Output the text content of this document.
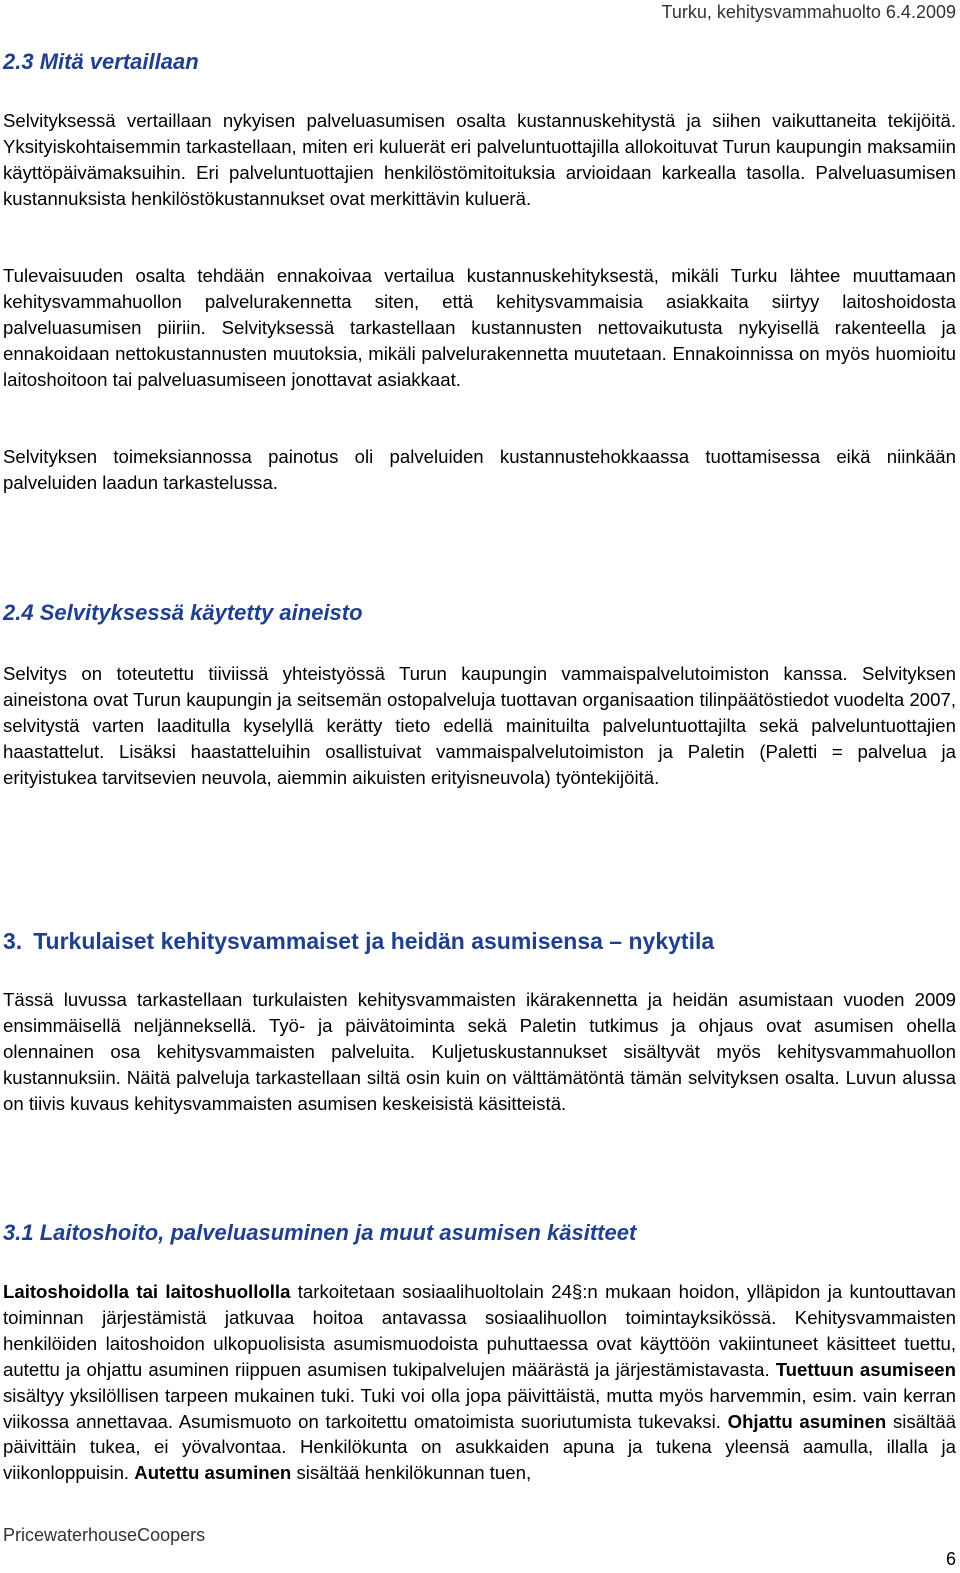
Turku, kehitysvammahuolto 6.4.2009
2.3 Mitä vertaillaan

Selvityksessä vertaillaan nykyisen palveluasumisen osalta kustannuskehitystä ja siihen vaikuttaneita tekijöitä. Yksityiskohtaisemmin tarkastellaan, miten eri kuluerät eri palveluntuottajilla allokoituvat Turun kaupungin maksamiin käyttöpäivämaksuihin. Eri palveluntuottajien henkilöstömitoituksia arvioidaan karkealla tasolla. Palveluasumisen kustannuksista henkilöstökustannukset ovat merkittävin kuluerä.

Tulevaisuuden osalta tehdään ennakoivaa vertailua kustannuskehityksestä, mikäli Turku lähtee muuttamaan kehitysvammahuollon palvelurakennetta siten, että kehitysvammaisia asiakkaita siirtyy laitoshoidosta palveluasumisen piiriin. Selvityksessä tarkastellaan kustannusten nettovaikutusta nykyisellä rakenteella ja ennakoidaan nettokustannusten muutoksia, mikäli palvelurakennetta muutetaan. Ennakoinnissa on myös huomioitu laitoshoitoon tai palveluasumiseen jonottavat asiakkaat.

Selvityksen toimeksiannossa painotus oli palveluiden kustannustehokkaassa tuottamisessa eikä niinkään palveluiden laadun tarkastelussa.

2.4 Selvityksessä käytetty aineisto

Selvitys on toteutettu tiiviissä yhteistyössä Turun kaupungin vammaispalvelutoimiston kanssa. Selvityksen aineistona ovat Turun kaupungin ja seitsemän ostopalveluja tuottavan organisaation tilinpäätöstiedot vuodelta 2007, selvitystä varten laaditulla kyselyllä kerätty tieto edellä mainituilta palveluntuottajilta sekä palveluntuottajien haastattelut. Lisäksi haastatteluihin osallistuivat vammaispalvelutoimiston ja Paletin (Paletti = palvelua ja erityistukea tarvitsevien neuvola, aiemmin aikuisten erityisneuvola) työntekijöitä.

3. Turkulaiset kehitysvammaiset ja heidän asumisensa – nykytila

Tässä luvussa tarkastellaan turkulaisten kehitysvammaisten ikärakennetta ja heidän asumistaan vuoden 2009 ensimmäisellä neljänneksellä. Työ- ja päivätoiminta sekä Paletin tutkimus ja ohjaus ovat asumisen ohella olennainen osa kehitysvammaisten palveluita. Kuljetuskustannukset sisältyvät myös kehitysvammahuollon kustannuksiin. Näitä palveluja tarkastellaan siltä osin kuin on välttämätöntä tämän selvityksen osalta. Luvun alussa on tiivis kuvaus kehitysvammaisten asumisen keskeisistä käsitteistä.

3.1 Laitoshoito, palveluasuminen ja muut asumisen käsitteet

Laitoshoidolla tai laitoshuollolla tarkoitetaan sosiaalihuoltolain 24§:n mukaan hoidon, ylläpidon ja kuntouttavan toiminnan järjestämistä jatkuvaa hoitoa antavassa sosiaalihuollon toimintayksikössä. Kehitysvammaisten henkilöiden laitoshoidon ulkopuolisista asumismuodoista puhuttaessa ovat käyttöön vakiintuneet käsitteet tuettu, autettu ja ohjattu asuminen riippuen asumisen tukipalvelujen määrästä ja järjestämistavasta. Tuettuun asumiseen sisältyy yksilöllisen tarpeen mukainen tuki. Tuki voi olla jopa päivittäistä, mutta myös harvemmin, esim. vain kerran viikossa annettavaa. Asumismuoto on tarkoitettu omatoimista suoriutumista tukevaksi. Ohjattu asuminen sisältää päivittäin tukea, ei yövalvontaa. Henkilökunta on asukkaiden apuna ja tukena yleensä aamulla, illalla ja viikonloppuisin. Autettu asuminen sisältää henkilökunnan tuen,

PricewaterhouseCoopers
6
